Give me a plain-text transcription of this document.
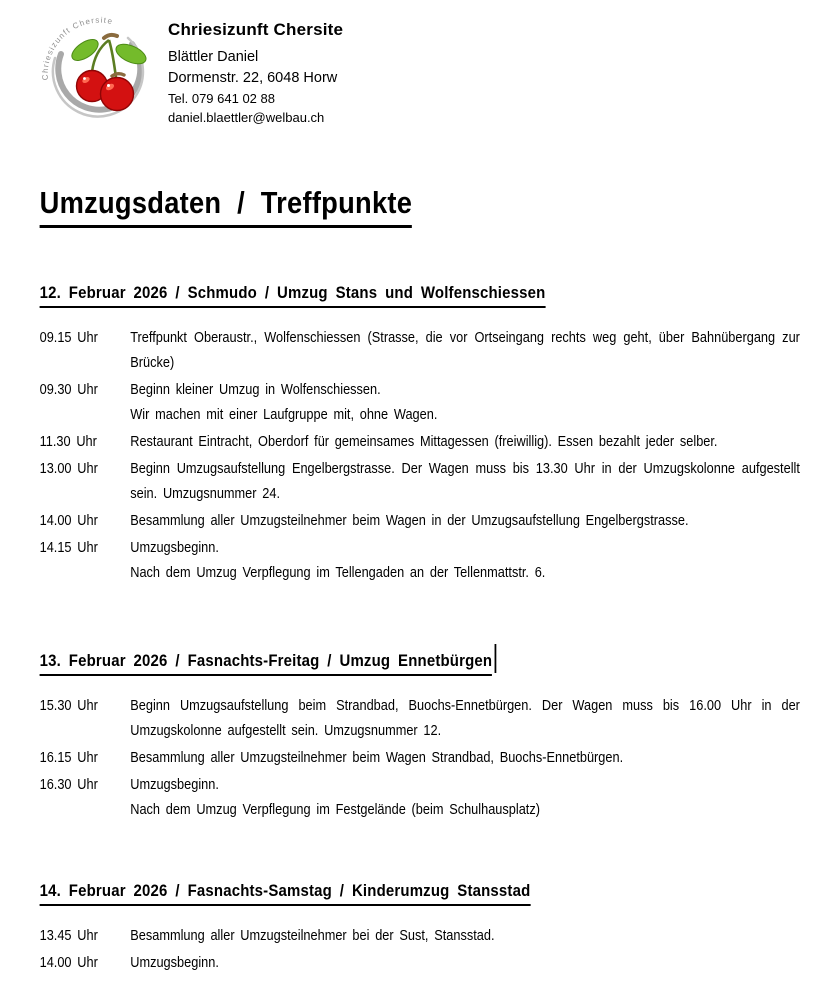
Chriesizunft Chersite	Chriesizunft Chersite
Blättler Daniel
Dormenstr. 22, 6048 Horw
Tel. 079 641 02 88
daniel.blaettler@welbau.ch
Umzugsdaten / Treffpunkte
12. Februar 2026 / Schmudo / Umzug Stans und Wolfenschiessen
09.15 Uhr	Treffpunkt Oberaustr., Wolfenschiessen (Strasse, die vor Ortseingang rechts weg geht, über Bahnübergang zur Brücke)

09.30 Uhr	Beginn kleiner Umzug in Wolfenschiessen.

Wir machen mit einer Laufgruppe mit, ohne Wagen.

11.30 Uhr	Restaurant Eintracht, Oberdorf für gemeinsames Mittagessen (freiwillig). Essen bezahlt jeder selber.

13.00 Uhr	Beginn Umzugsaufstellung Engelbergstrasse. Der Wagen muss bis 13.30 Uhr in der Umzugskolonne aufgestellt sein. Umzugsnummer 24.

14.00 Uhr	Besammlung aller Umzugsteilnehmer beim Wagen in der Umzugsaufstellung Engelbergstrasse.

14.15 Uhr	Umzugsbeginn.

Nach dem Umzug Verpflegung im Tellengaden an der Tellenmattstr. 6.

13. Februar 2026 / Fasnachts-Freitag / Umzug Ennetbürgen
15.30 Uhr	Beginn Umzugsaufstellung beim Strandbad, Buochs-Ennetbürgen. Der Wagen muss bis 16.00 Uhr in der Umzugskolonne aufgestellt sein. Umzugsnummer 12.

16.15 Uhr	Besammlung aller Umzugsteilnehmer beim Wagen Strandbad, Buochs-Ennetbürgen.

16.30 Uhr	Umzugsbeginn.

Nach dem Umzug Verpflegung im Festgelände (beim Schulhausplatz)

14. Februar 2026 / Fasnachts-Samstag / Kinderumzug Stansstad
13.45 Uhr	Besammlung aller Umzugsteilnehmer bei der Sust, Stansstad.

14.00 Uhr	Umzugsbeginn.
